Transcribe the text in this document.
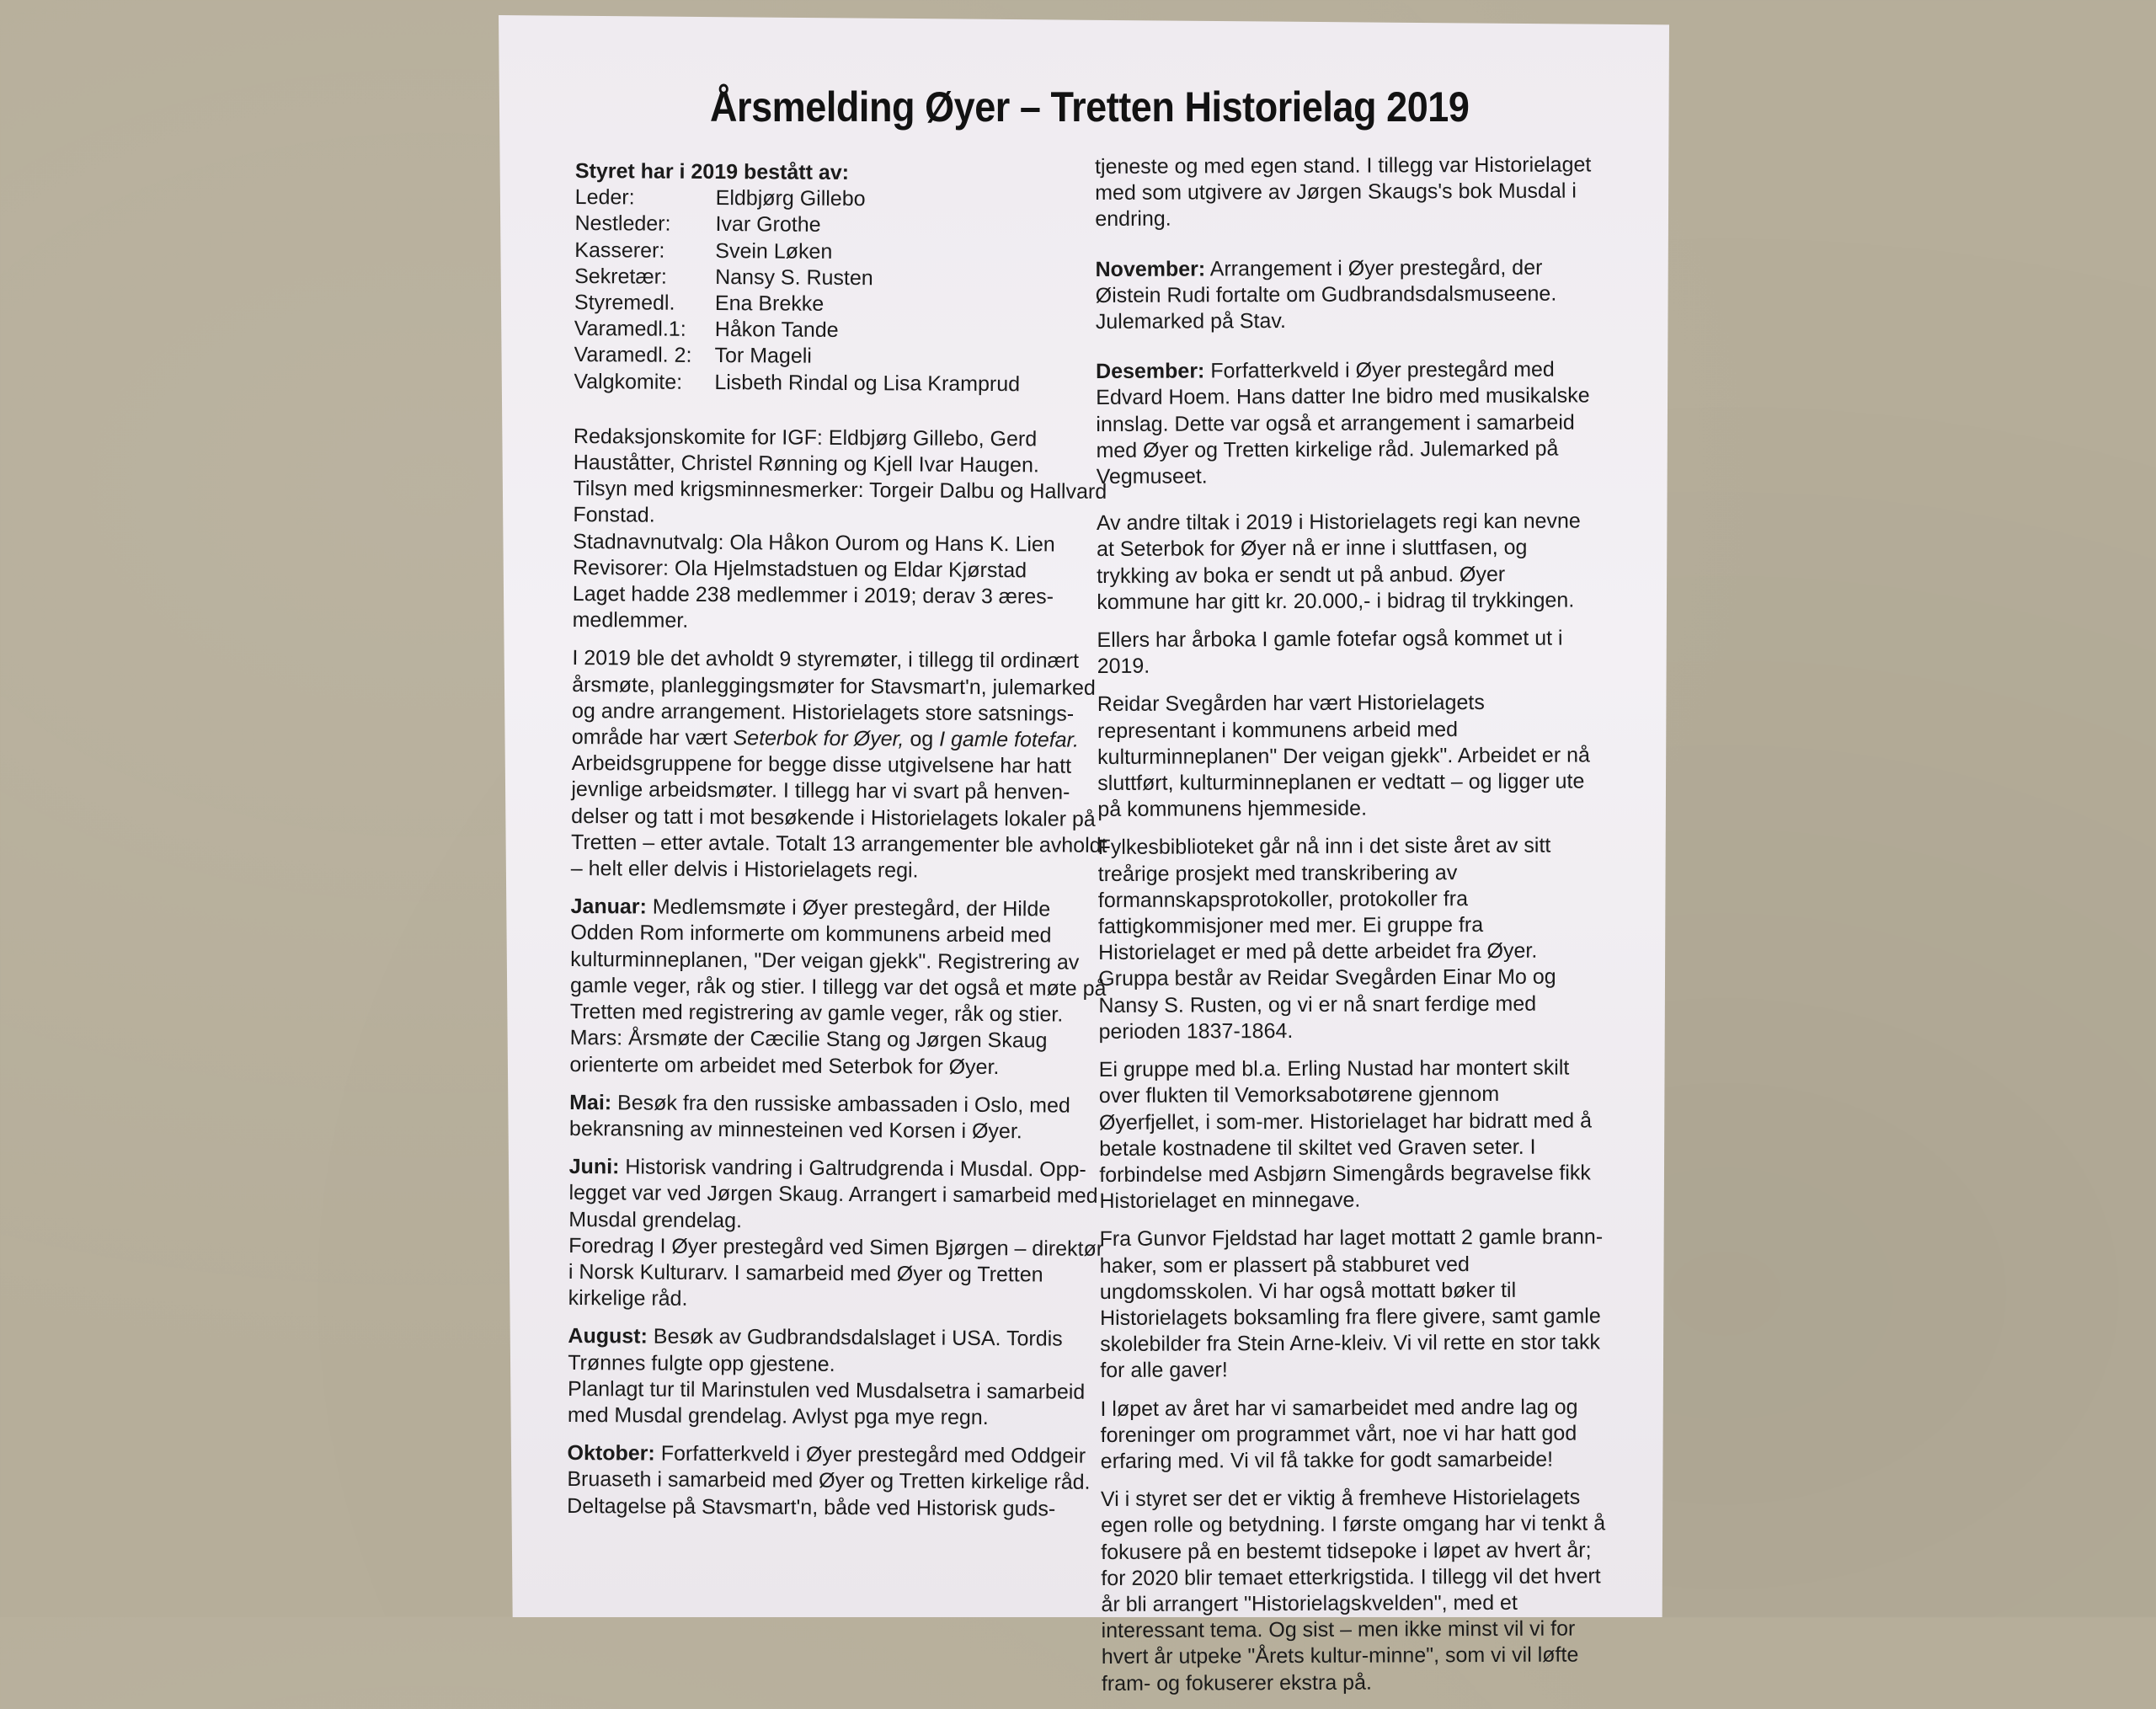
Årsmelding Øyer – Tretten Historielag 2019
Styret har i 2019 bestått av:
Leder:	Eldbjørg Gillebo
Nestleder:	Ivar Grothe
Kasserer:	Svein Løken
Sekretær:	Nansy S. Rusten
Styremedl.	Ena Brekke
Varamedl.1:	Håkon Tande
Varamedl. 2:	Tor Mageli
Valgkomite:	Lisbeth Rindal og Lisa Kramprud

Redaksjonskomite for IGF: Eldbjørg Gillebo, Gerd Hauståtter, Christel Rønning og Kjell Ivar Haugen.

Tilsyn med krigsminnesmerker: Torgeir Dalbu og Hallvard Fonstad.

Stadnavnutvalg: Ola Håkon Ourom og Hans K. Lien

Revisorer: Ola Hjelmstadstuen og Eldar Kjørstad

Laget hadde 238 medlemmer i 2019; derav 3 æres-medlemmer.

I 2019 ble det avholdt 9 styremøter, i tillegg til ordinært årsmøte, planleggingsmøter for Stavsmart'n, julemarked og andre arrangement. Historielagets store satsnings-område har vært Seterbok for Øyer, og I gamle fotefar. Arbeidsgruppene for begge disse utgivelsene har hatt jevnlige arbeidsmøter. I tillegg har vi svart på henven-delser og tatt i mot besøkende i Historielagets lokaler på Tretten – etter avtale. Totalt 13 arrangementer ble avholdt – helt eller delvis i Historielagets regi.

Januar: Medlemsmøte i Øyer prestegård, der Hilde Odden Rom informerte om kommunens arbeid med kulturminneplanen, "Der veigan gjekk". Registrering av gamle veger, råk og stier. I tillegg var det også et møte på Tretten med registrering av gamle veger, råk og stier.

Mars: Årsmøte der Cæcilie Stang og Jørgen Skaug orienterte om arbeidet med Seterbok for Øyer.

Mai: Besøk fra den russiske ambassaden i Oslo, med bekransning av minnesteinen ved Korsen i Øyer.

Juni: Historisk vandring i Galtrudgrenda i Musdal. Opp-legget var ved Jørgen Skaug. Arrangert i samarbeid med Musdal grendelag.

Foredrag I Øyer prestegård ved Simen Bjørgen – direktør i Norsk Kulturarv. I samarbeid med Øyer og Tretten kirkelige råd.

August: Besøk av Gudbrandsdalslaget i USA. Tordis Trønnes fulgte opp gjestene.

Planlagt tur til Marinstulen ved Musdalsetra i samarbeid med Musdal grendelag. Avlyst pga mye regn.

Oktober: Forfatterkveld i Øyer prestegård med Oddgeir Bruaseth i samarbeid med Øyer og Tretten kirkelige råd. Deltagelse på Stavsmart'n, både ved Historisk guds-

tjeneste og med egen stand. I tillegg var Historielaget med som utgivere av Jørgen Skaugs's bok Musdal i endring.

November: Arrangement i Øyer prestegård, der Øistein Rudi fortalte om Gudbrandsdalsmuseene. Julemarked på Stav.

Desember: Forfatterkveld i Øyer prestegård med Edvard Hoem. Hans datter Ine bidro med musikalske innslag. Dette var også et arrangement i samarbeid med Øyer og Tretten kirkelige råd. Julemarked på Vegmuseet.

Av andre tiltak i 2019 i Historielagets regi kan nevne at Seterbok for Øyer nå er inne i sluttfasen, og trykking av boka er sendt ut på anbud. Øyer kommune har gitt kr. 20.000,- i bidrag til trykkingen.

Ellers har årboka I gamle fotefar også kommet ut i 2019.

Reidar Svegården har vært Historielagets representant i kommunens arbeid med kulturminneplanen" Der veigan gjekk". Arbeidet er nå sluttført, kulturminneplanen er vedtatt – og ligger ute på kommunens hjemmeside.

Fylkesbiblioteket går nå inn i det siste året av sitt treårige prosjekt med transkribering av formannskapsprotokoller, protokoller fra fattigkommisjoner med mer. Ei gruppe fra Historielaget er med på dette arbeidet fra Øyer. Gruppa består av Reidar Svegården Einar Mo og Nansy S. Rusten, og vi er nå snart ferdige med perioden 1837-1864.

Ei gruppe med bl.a. Erling Nustad har montert skilt over flukten til Vemorksabotørene gjennom Øyerfjellet, i som-mer. Historielaget har bidratt med å betale kostnadene til skiltet ved Graven seter. I forbindelse med Asbjørn Simengårds begravelse fikk Historielaget en minnegave.

Fra Gunvor Fjeldstad har laget mottatt 2 gamle brann-haker, som er plassert på stabburet ved ungdomsskolen. Vi har også mottatt bøker til Historielagets boksamling fra flere givere, samt gamle skolebilder fra Stein Arne-kleiv. Vi vil rette en stor takk for alle gaver!

I løpet av året har vi samarbeidet med andre lag og foreninger om programmet vårt, noe vi har hatt god erfaring med. Vi vil få takke for godt samarbeide!

Vi i styret ser det er viktig å fremheve Historielagets egen rolle og betydning. I første omgang har vi tenkt å fokusere på en bestemt tidsepoke i løpet av hvert år; for 2020 blir temaet etterkrigstida. I tillegg vil det hvert år bli arrangert "Historielagskvelden", med et interessant tema. Og sist – men ikke minst vil vi for hvert år utpeke "Årets kultur-minne", som vi vil løfte fram- og fokuserer ekstra på.
